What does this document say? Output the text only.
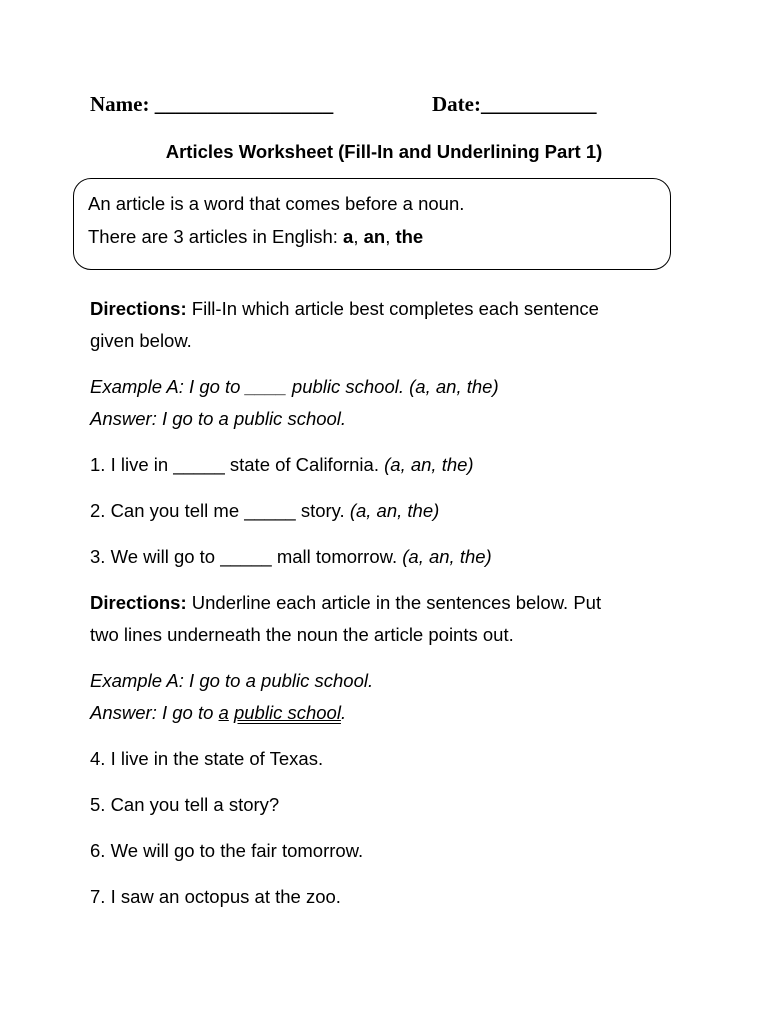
Name: _________________	Date:___________
Articles Worksheet (Fill-In and Underlining Part 1)
An article is a word that comes before a noun.
There are 3 articles in English: a, an, the
Directions: Fill-In which article best completes each sentence
given below.
Example A: I go to ____ public school. (a, an, the)
Answer: I go to a public school.
1. I live in _____ state of California. (a, an, the)
2. Can you tell me _____ story. (a, an, the)
3. We will go to _____ mall tomorrow. (a, an, the)
Directions: Underline each article in the sentences below. Put
two lines underneath the noun the article points out.
Example A: I go to a public school.
Answer: I go to a public school.
4. I live in the state of Texas.
5. Can you tell a story?
6. We will go to the fair tomorrow.
7. I saw an octopus at the zoo.
